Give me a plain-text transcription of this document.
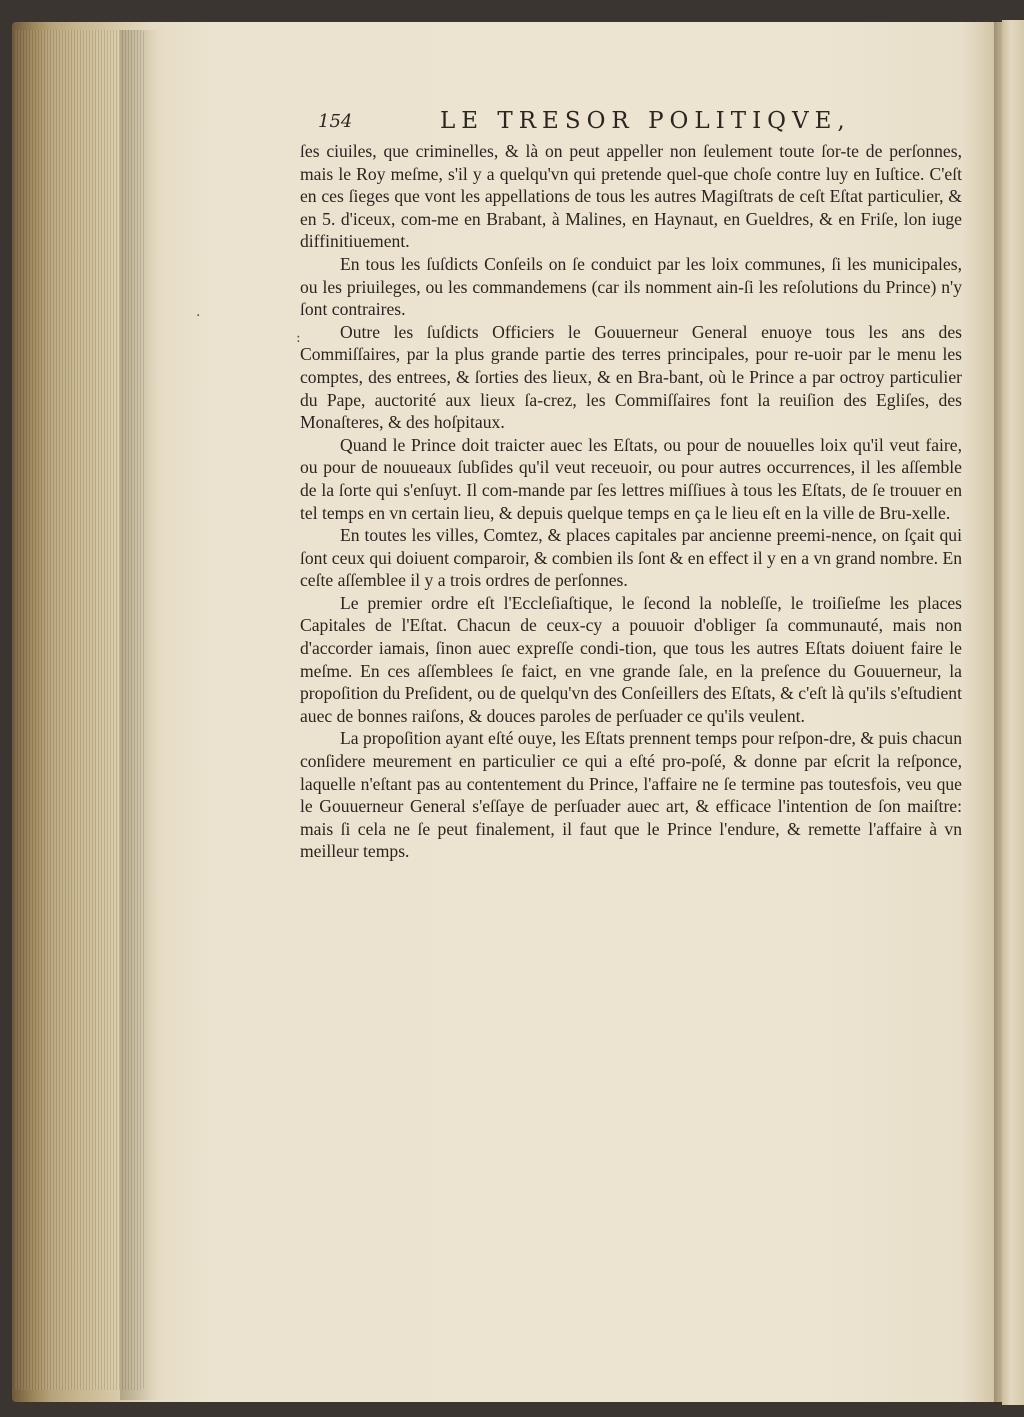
·
:
154	LE TRESOR POLITIQVE,

ſes ciuiles, que criminelles, & là on peut appeller non ſeulement toute ſor-te de perſonnes, mais le Roy meſme, s'il y a quelqu'vn qui pretende quel-que choſe contre luy en Iuſtice. C'eſt en ces ſieges que vont les appellations de tous les autres Magiſtrats de ceſt Eſtat particulier, & en 5. d'iceux, com-me en Brabant, à Malines, en Haynaut, en Gueldres, & en Friſe, lon iuge diffinitiuement.

En tous les ſuſdicts Conſeils on ſe conduict par les loix communes, ſi les municipales, ou les priuileges, ou les commandemens (car ils nomment ain-ſi les reſolutions du Prince) n'y ſont contraires.

Outre les ſuſdicts Officiers le Gouuerneur General enuoye tous les ans des Commiſſaires, par la plus grande partie des terres principales, pour re-uoir par le menu les comptes, des entrees, & ſorties des lieux, & en Bra-bant, où le Prince a par octroy particulier du Pape, auctorité aux lieux ſa-crez, les Commiſſaires font la reuiſion des Egliſes, des Monaſteres, & des hoſpitaux.

Quand le Prince doit traicter auec les Eſtats, ou pour de nouuelles loix qu'il veut faire, ou pour de nouueaux ſubſides qu'il veut receuoir, ou pour autres occurrences, il les aſſemble de la ſorte qui s'enſuyt. Il com-mande par ſes lettres miſſiues à tous les Eſtats, de ſe trouuer en tel temps en vn certain lieu, & depuis quelque temps en ça le lieu eſt en la ville de Bru-xelle.

En toutes les villes, Comtez, & places capitales par ancienne preemi-nence, on ſçait qui ſont ceux qui doiuent comparoir, & combien ils ſont & en effect il y en a vn grand nombre. En ceſte aſſemblee il y a trois ordres de perſonnes.

Le premier ordre eſt l'Eccleſiaſtique, le ſecond la nobleſſe, le troiſieſme les places Capitales de l'Eſtat. Chacun de ceux-cy a pouuoir d'obliger ſa communauté, mais non d'accorder iamais, ſinon auec expreſſe condi-tion, que tous les autres Eſtats doiuent faire le meſme. En ces aſſemblees ſe faict, en vne grande ſale, en la preſence du Gouuerneur, la propoſition du Preſident, ou de quelqu'vn des Conſeillers des Eſtats, & c'eſt là qu'ils s'eſtudient auec de bonnes raiſons, & douces paroles de perſuader ce qu'ils veulent.

La propoſition ayant eſté ouye, les Eſtats prennent temps pour reſpon-dre, & puis chacun conſidere meurement en particulier ce qui a eſté pro-poſé, & donne par eſcrit la reſponce, laquelle n'eſtant pas au contentement du Prince, l'affaire ne ſe termine pas toutesfois, veu que le Gouuerneur General s'eſſaye de perſuader auec art, & efficace l'intention de ſon maiſtre: mais ſi cela ne ſe peut finalement, il faut que le Prince l'endure, & remette l'affaire à vn meilleur temps.
